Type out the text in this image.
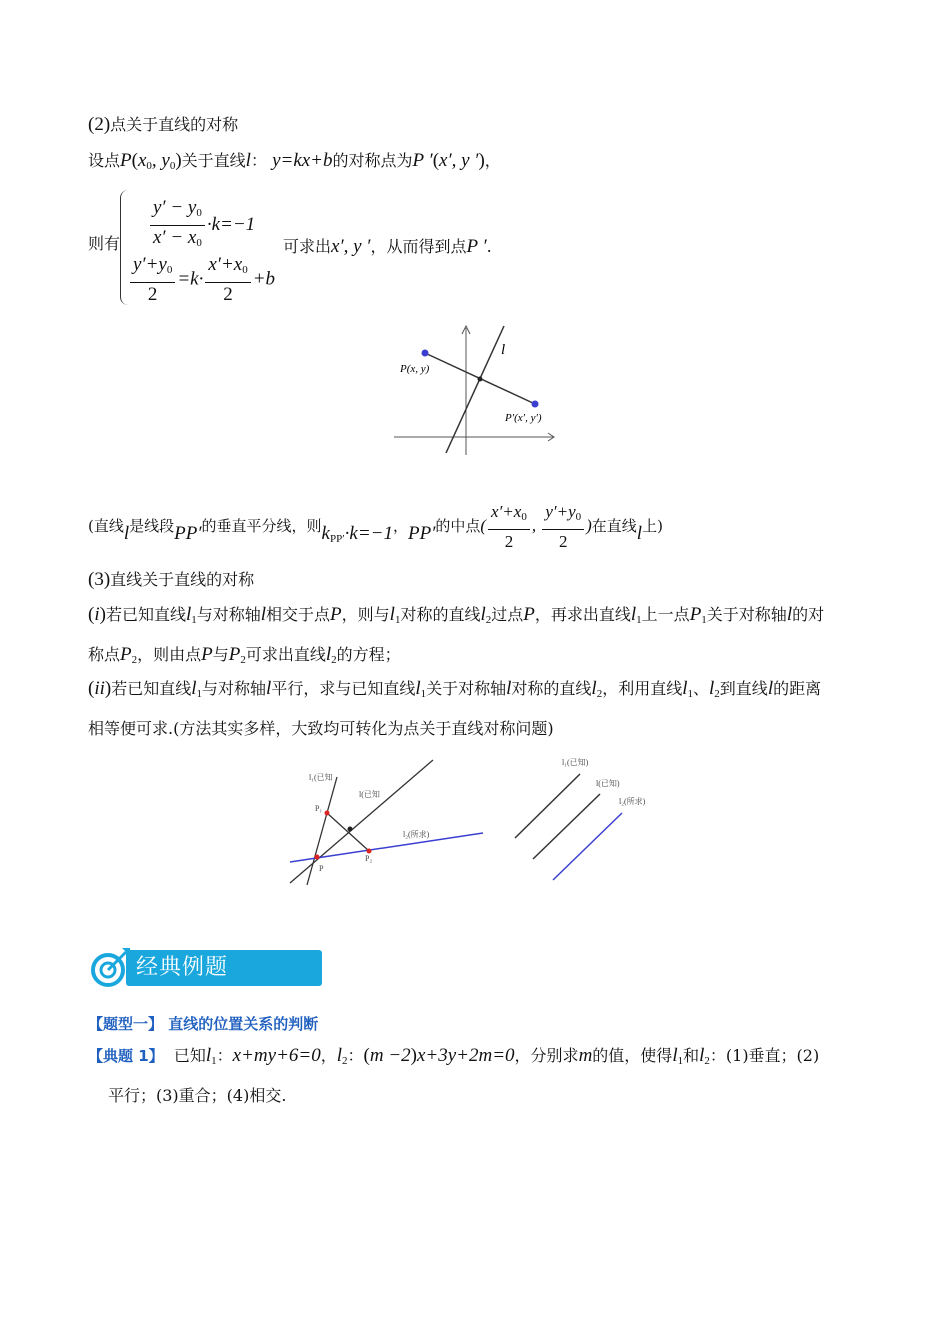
(2)点关于直线的对称
设点$P(x_0$, $y_0$)关于直线l： y=kx+b的对称点为P ′(x′, y ′)，
则有 $\frac{y' - y_0}{x' - x_0} \cdot k=-1$
$\frac{y'+y_0}{2} =k\cdot \frac{x'+x_0}{2} +b$
可求出x′, y ′，从而得到点P ′.
P(x, y)
P′(x′, y′)
l
(直线l是线段PP′的垂直平分线，则$k_{PP'}\cdot k=-1$，PP′的中点( $\frac{x'+x_0}{2}$ , $\frac{y'+y_0}{2}$ )在直线l上)
(3)直线关于直线的对称
(i)若已知直线$l_1$与对称轴l相交于点P，则与$l_1$对称的直线$l_2$过点P，再求出直线$l_1$上一点$P_1$关于对称轴l的对
称点$P_2$，则由点P与$P_2$可求出直线$l_2$的方程；
(ii)若已知直线$l_1$与对称轴l平行，求与已知直线$l_1$关于对称轴l对称的直线$l_2$，利用直线$l_1$、$l_2$到直线l的距离
相等便可求.(方法其实多样，大致均可转化为点关于直线对称问题)
l₁(已知
l(已知
l₂(所求)
P₁
P
P₂
l₁(已知)
l(已知)
l₂(所求)
经典例题
【题型一】 直线的位置关系的判断
【典题 1】 已知$l_1$：x+my+6=0，$l_2$：(m −2)x+3y+2m=0，分别求m的值，使得$l_1$和$l_2$：(1)垂直；(2)
平行；(3)重合；(4)相交.
